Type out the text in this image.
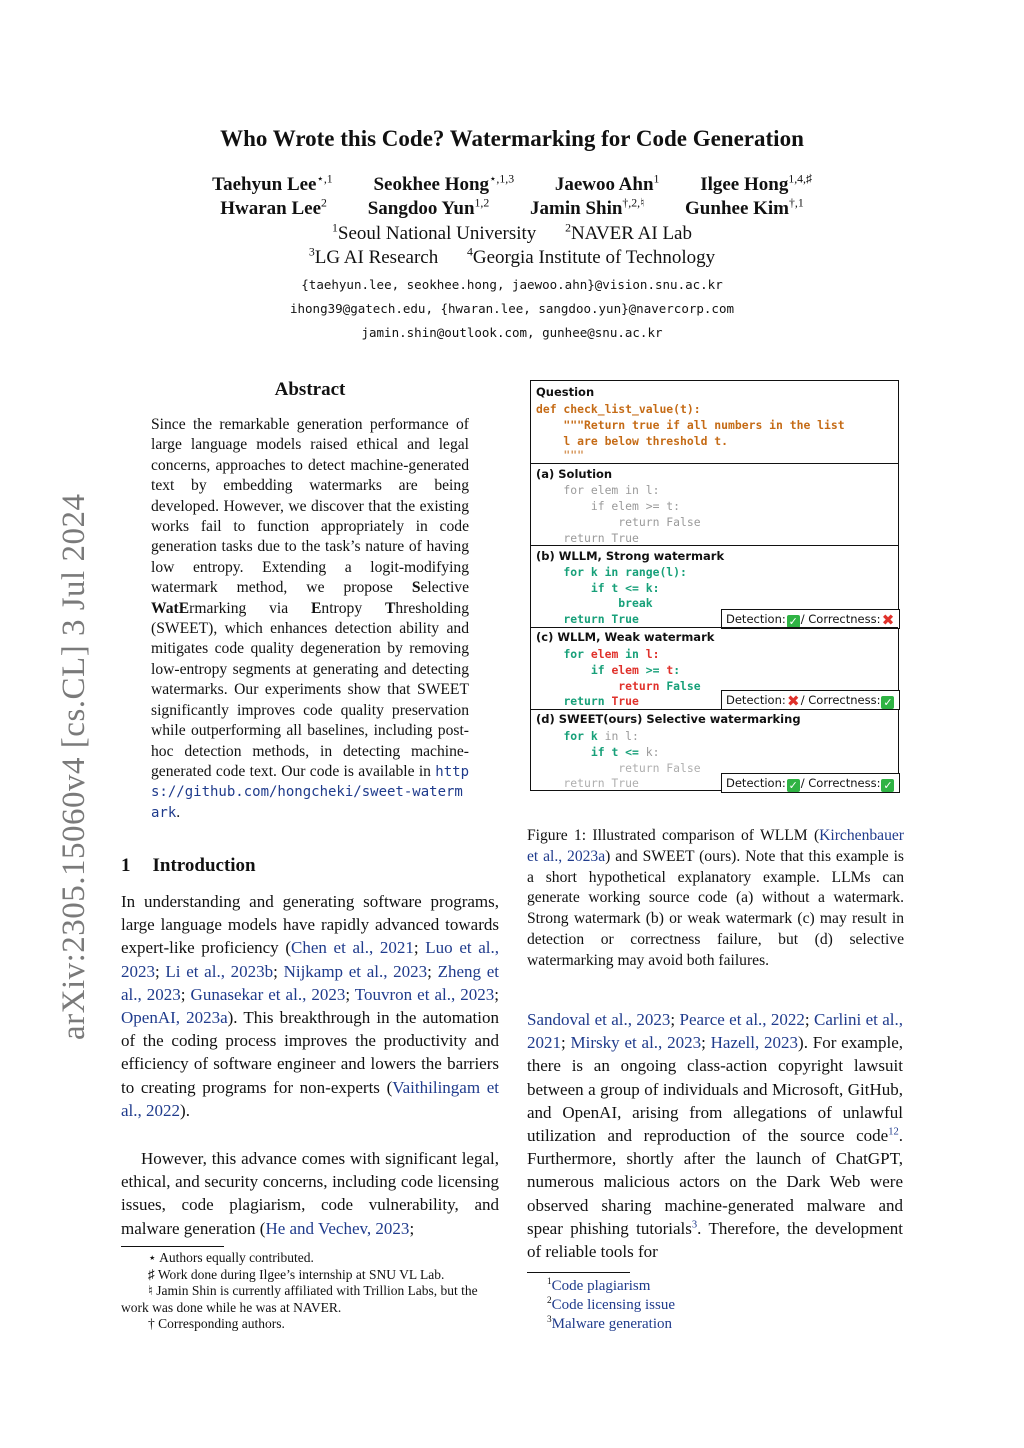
arXiv:2305.15060v4 [cs.CL] 3 Jul 2024
Who Wrote this Code? Watermarking for Code Generation
Taehyun Lee$^{⋆,1}$ Seokhee Hong$^{⋆,1,3}$ Jaewoo Ahn$^1$ Ilgee Hong$^{1,4,♯}$
Hwaran Lee$^2$ Sangdoo Yun$^{1,2}$ Jamin Shin$^{\dagger,2,♮}$ Gunhee Kim$^{\dagger,1}$
$^1$Seoul National University $^2$NAVER AI Lab
$^3$LG AI Research $^4$Georgia Institute of Technology
{taehyun.lee, seokhee.hong, jaewoo.ahn}@vision.snu.ac.kr
ihong39@gatech.edu, {hwaran.lee, sangdoo.yun}@navercorp.com
jamin.shin@outlook.com, gunhee@snu.ac.kr
Abstract
Since the remarkable generation performance of large language models raised ethical and legal concerns, approaches to detect machine-generated text by embedding watermarks are being developed. However, we discover that the existing works fail to function appropriately in code generation tasks due to the task’s nature of having low entropy. Extending a logit-modifying watermark method, we propose Selective WatErmarking via Entropy Thresholding (SWEET), which enhances detection ability and mitigates code quality degeneration by removing low-entropy segments at generating and detecting watermarks. Our experiments show that SWEET significantly improves code quality preservation while outperforming all baselines, including post-hoc detection methods, in detecting machine-generated code text. Our code is available in https://github.com/hongcheki/sweet-watermark.
1 Introduction
In understanding and generating software programs, large language models have rapidly advanced towards expert-like proficiency (Chen et al., 2021; Luo et al., 2023; Li et al., 2023b; Nijkamp et al., 2023; Zheng et al., 2023; Gunasekar et al., 2023; Touvron et al., 2023; OpenAI, 2023a). This breakthrough in the automation of the coding process improves the productivity and efficiency of software engineer and lowers the barriers to creating programs for non-experts (Vaithilingam et al., 2022).
However, this advance comes with significant legal, ethical, and security concerns, including code licensing issues, code plagiarism, code vulnerability, and malware generation (He and Vechev, 2023;
⋆ Authors equally contributed.
♯ Work done during Ilgee’s internship at SNU VL Lab.
♮ Jamin Shin is currently affiliated with Trillion Labs, but the work was done while he was at NAVER.
† Corresponding authors.
Question
def check_list_value(t):
"""Return true if all numbers in the list
l are below threshold t.
"""
(a) Solution
for elem in l:
if elem >= t:
return False
return True
(b) WLLM, Strong watermark
for k in range(l):
if t <= k:
break
return True	Detection: ✓ / Correctness:✖
(c) WLLM, Weak watermark
for elem in l:
if elem >= t:
return False
return True	Detection:✖/ Correctness: ✓
(d) SWEET(ours) Selective watermarking
for k in l:
if t <= k:
return False
return True	Detection: ✓ / Correctness: ✓
Figure 1: Illustrated comparison of WLLM (Kirchenbauer et al., 2023a) and SWEET (ours). Note that this example is a short hypothetical explanatory example. LLMs can generate working source code (a) without a watermark. Strong watermark (b) or weak watermark (c) may result in detection or correctness failure, but (d) selective watermarking may avoid both failures.
Sandoval et al., 2023; Pearce et al., 2022; Carlini et al., 2021; Mirsky et al., 2023; Hazell, 2023). For example, there is an ongoing class-action copyright lawsuit between a group of individuals and Microsoft, GitHub, and OpenAI, arising from allegations of unlawful utilization and reproduction of the source code$^{12}$. Furthermore, shortly after the launch of ChatGPT, numerous malicious actors on the Dark Web were observed sharing machine-generated malware and spear phishing tutorials$^3$. Therefore, the development of reliable tools for
$^1$Code plagiarism
$^2$Code licensing issue
$^3$Malware generation
